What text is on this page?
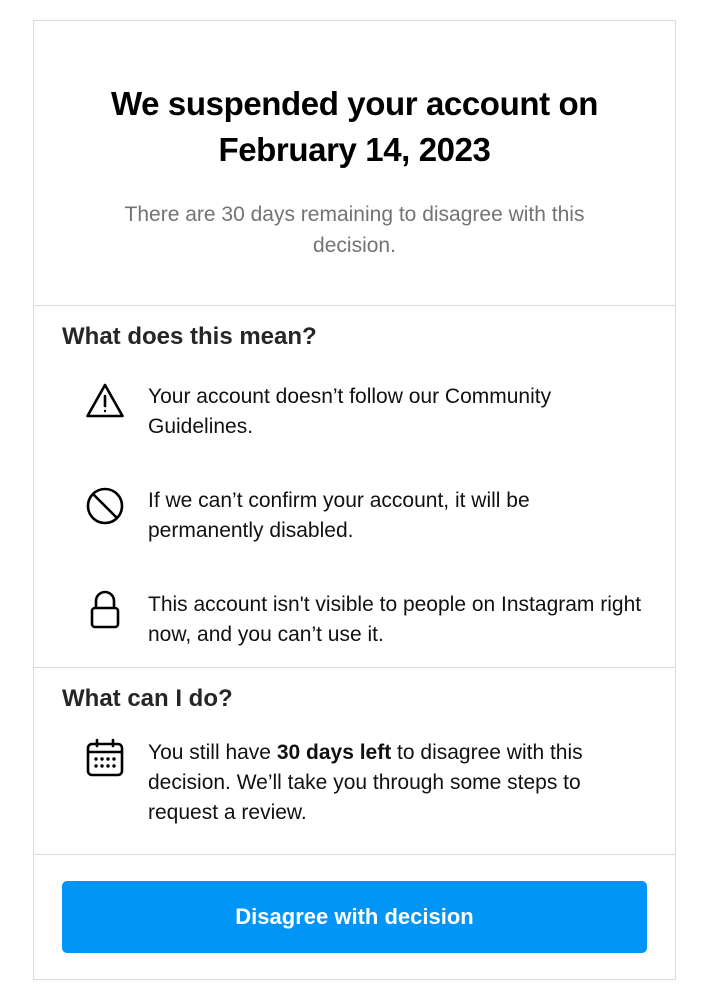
We suspended your account on February 14, 2023

There are 30 days remaining to disagree with this decision.

What does this mean?
Your account doesn’t follow our Community Guidelines.
If we can’t confirm your account, it will be permanently disabled.
This account isn't visible to people on Instagram right now, and you can’t use it.
What can I do?
You still have 30 days left to disagree with this decision. We’ll take you through some steps to request a review.
Disagree with decision
